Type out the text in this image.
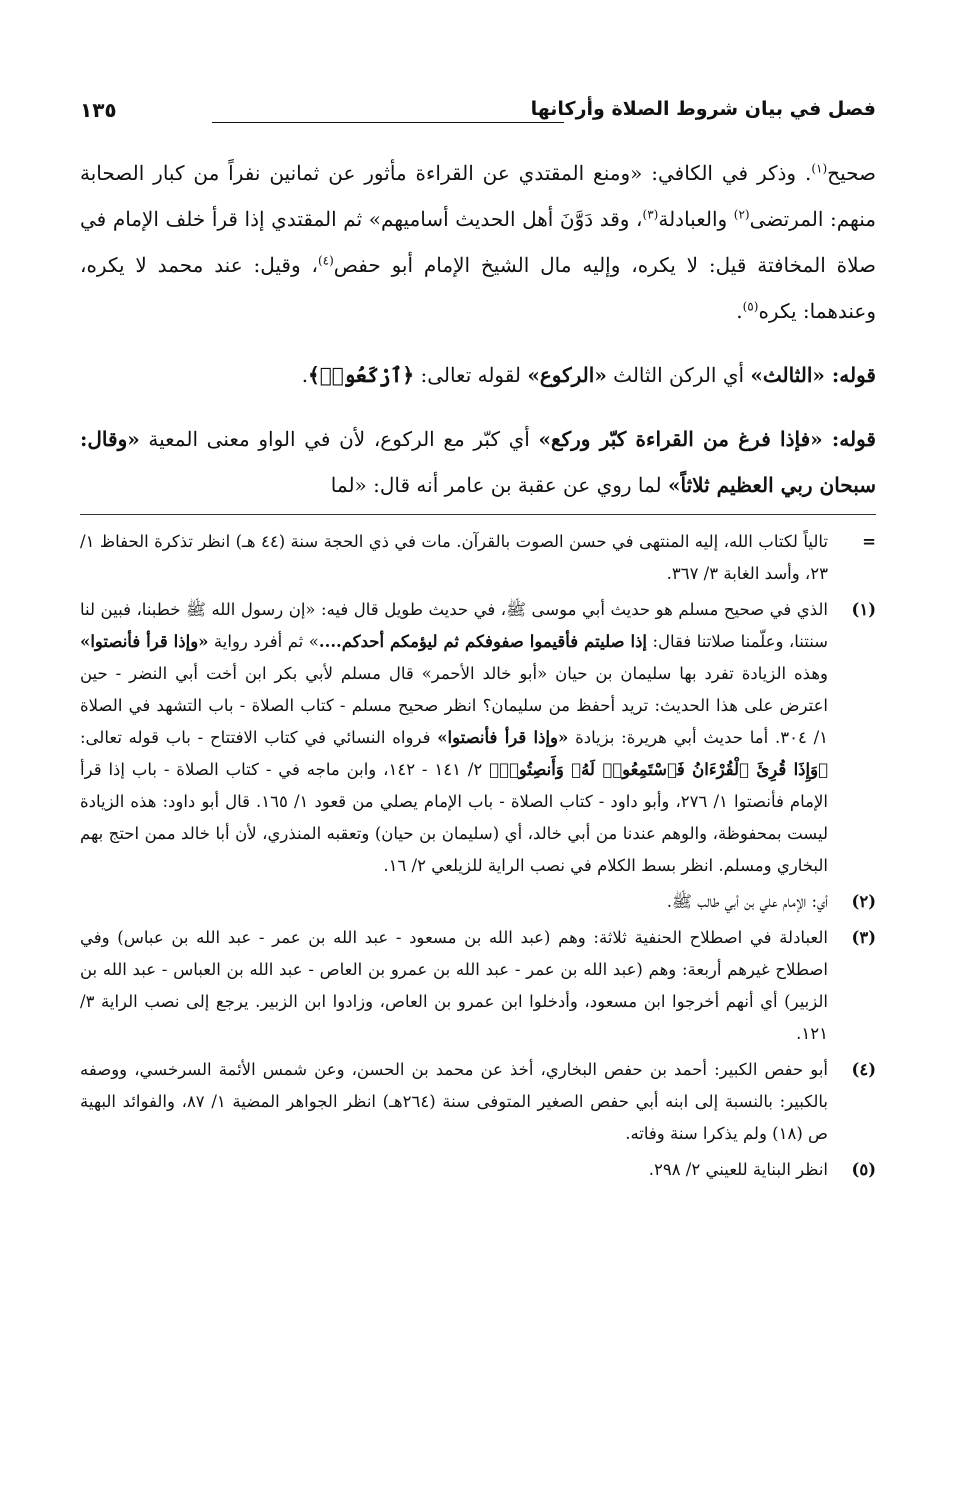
فصل في بيان شروط الصلاة وأركانها
١٣٥

صحيح$^{(١)}$. وذكر في الكافي: «ومنع المقتدي عن القراءة مأثور عن ثمانين نفراً من كبار الصحابة منهم: المرتضى$^{(٢)}$ والعبادلة$^{(٣)}$، وقد دَوَّنَ أهل الحديث أساميهم» ثم المقتدي إذا قرأ خلف الإمام في صلاة المخافتة قيل: لا يكره، وإليه مال الشيخ الإمام أبو حفص$^{(٤)}$، وقيل: عند محمد لا يكره، وعندهما: يكره$^{(٥)}$.

قوله: «الثالث» أي الركن الثالث «الركوع» لقوله تعالى: ﴿ٱرْكَعُوا۟﴾.

قوله: «فإذا فرغ من القراءة كبّر وركع» أي كبّر مع الركوع، لأن في الواو معنى المعية «وقال: سبحان ربي العظيم ثلاثاً» لما روي عن عقبة بن عامر أنه قال: «لما

=
تالياً لكتاب الله، إليه المنتهى في حسن الصوت بالقرآن. مات في ذي الحجة سنة (٤٤ هـ) انظر تذكرة الحفاظ ١/ ٢٣، وأسد الغابة ٣/ ٣٦٧.
(١)
الذي في صحيح مسلم هو حديث أبي موسى ﷺ، في حديث طويل قال فيه: «إن رسول الله ﷺ خطبنا، فبين لنا سنتنا، وعلّمنا صلاتنا فقال: إذا صليتم فأقيموا صفوفكم ثم ليؤمكم أحدكم....» ثم أفرد رواية «وإذا قرأ فأنصتوا» وهذه الزيادة تفرد بها سليمان بن حيان «أبو خالد الأحمر» قال مسلم لأبي بكر ابن أخت أبي النضر - حين اعترض على هذا الحديث: تريد أحفظ من سليمان؟ انظر صحيح مسلم - كتاب الصلاة - باب التشهد في الصلاة ١/ ٣٠٤. أما حديث أبي هريرة: بزيادة «وإذا قرأ فأنصتوا» فرواه النسائي في كتاب الافتتاح - باب قوله تعالى: ﴿وَإِذَا قُرِئَ ٱلْقُرْءَانُ فَٱسْتَمِعُوا۟ لَهُۥ وَأَنصِتُوا۟﴾ ٢/ ١٤١ - ١٤٢، وابن ماجه في - كتاب الصلاة - باب إذا قرأ الإمام فأنصتوا ١/ ٢٧٦، وأبو داود - كتاب الصلاة - باب الإمام يصلي من قعود ١/ ١٦٥. قال أبو داود: هذه الزيادة ليست بمحفوظة، والوهم عندنا من أبي خالد، أي (سليمان بن حيان) وتعقبه المنذري، لأن أبا خالد ممن احتج بهم البخاري ومسلم. انظر بسط الكلام في نصب الراية للزيلعي ٢/ ١٦.
(٢)
أي: الإمام علي بن أبي طالب ﷺ.
(٣)
العبادلة في اصطلاح الحنفية ثلاثة: وهم (عبد الله بن مسعود - عبد الله بن عمر - عبد الله بن عباس) وفي اصطلاح غيرهم أربعة: وهم (عبد الله بن عمر - عبد الله بن عمرو بن العاص - عبد الله بن العباس - عبد الله بن الزبير) أي أنهم أخرجوا ابن مسعود، وأدخلوا ابن عمرو بن العاص، وزادوا ابن الزبير. يرجع إلى نصب الراية ٣/ ١٢١.
(٤)
أبو حفص الكبير: أحمد بن حفص البخاري، أخذ عن محمد بن الحسن، وعن شمس الأئمة السرخسي، ووصفه بالكبير: بالنسبة إلى ابنه أبي حفص الصغير المتوفى سنة (٢٦٤هـ) انظر الجواهر المضية ١/ ٨٧، والفوائد البهية ص (١٨) ولم يذكرا سنة وفاته.
(٥)
انظر البناية للعيني ٢/ ٢٩٨.
